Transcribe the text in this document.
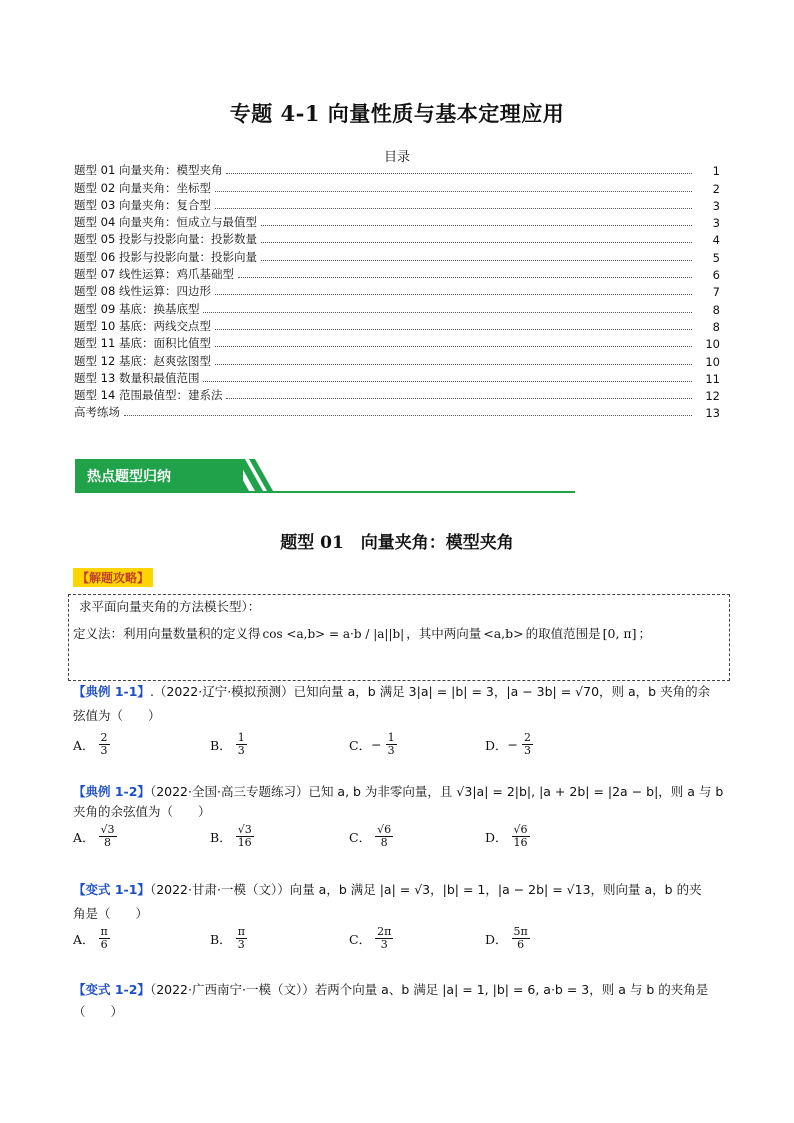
专题 4-1 向量性质与基本定理应用
目录
题型 01 向量夹角：模型夹角	1
题型 02 向量夹角：坐标型	2
题型 03 向量夹角：复合型	3
题型 04 向量夹角：恒成立与最值型	3
题型 05 投影与投影向量：投影数量	4
题型 06 投影与投影向量：投影向量	5
题型 07 线性运算：鸡爪基础型	6
题型 08 线性运算：四边形	7
题型 09 基底：换基底型	8
题型 10 基底：两线交点型	8
题型 11 基底：面积比值型	10
题型 12 基底：赵爽弦图型	10
题型 13 数量积最值范围	11
题型 14 范围最值型：建系法	12
高考练场	13
热点题型归纳
题型 01　向量夹角：模型夹角
【解题攻略】
求平面向量夹角的方法模长型）：
定义法：利用向量数量积的定义得 cos <a,b> = a·b / |a||b| ，其中两向量 <a,b> 的取值范围是 [0, π] ；
【典例 1-1】.（2022·辽宁·模拟预测）已知向量 a，b 满足 3|a| = |b| = 3，|a − 3b| = √70，则 a，b 夹角的余
弦值为（　　）
A． $\frac{2}{3}$	B． $\frac{1}{3}$	C． − $\frac{1}{3}$	D． − $\frac{2}{3}$
【典例 1-2】（2022·全国·高三专题练习）已知 a, b 为非零向量，且 √3|a| = 2|b|, |a + 2b| = |2a − b|，则 a 与 b
夹角的余弦值为（　　）
A． $\frac{√3}{8}$	B． $\frac{√3}{16}$	C． $\frac{√6}{8}$	D． $\frac{√6}{16}$
【变式 1-1】（2022·甘肃·一模（文））向量 a，b 满足 |a| = √3，|b| = 1，|a − 2b| = √13，则向量 a，b 的夹
角是（　　）
A． $\frac{\pi}{6}$	B． $\frac{\pi}{3}$	C． $\frac{2\pi}{3}$	D． $\frac{5\pi}{6}$
【变式 1-2】（2022·广西南宁·一模（文））若两个向量 a、b 满足 |a| = 1, |b| = 6, a·b = 3，则 a 与 b 的夹角是
（　　）
